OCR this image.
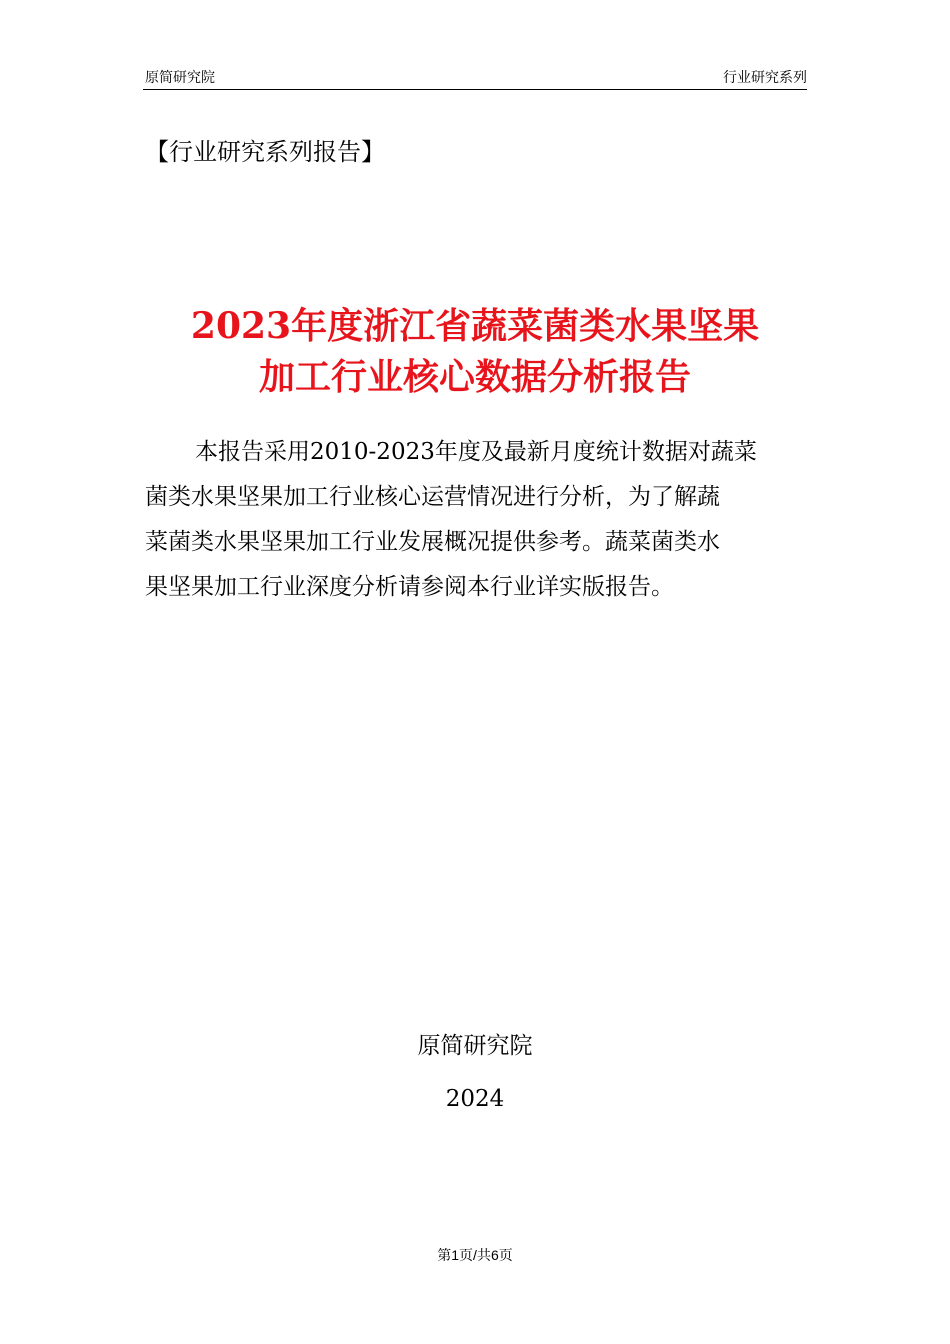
原简研究院	行业研究系列
【行业研究系列报告】
2023年度浙江省蔬菜菌类水果坚果
加工行业核心数据分析报告
本报告采用2010-2023年度及最新月度统计数据对蔬菜
菌类水果坚果加工行业核心运营情况进行分析，为了解蔬
菜菌类水果坚果加工行业发展概况提供参考。蔬菜菌类水
果坚果加工行业深度分析请参阅本行业详实版报告。
原简研究院
2024
第1页/共6页
